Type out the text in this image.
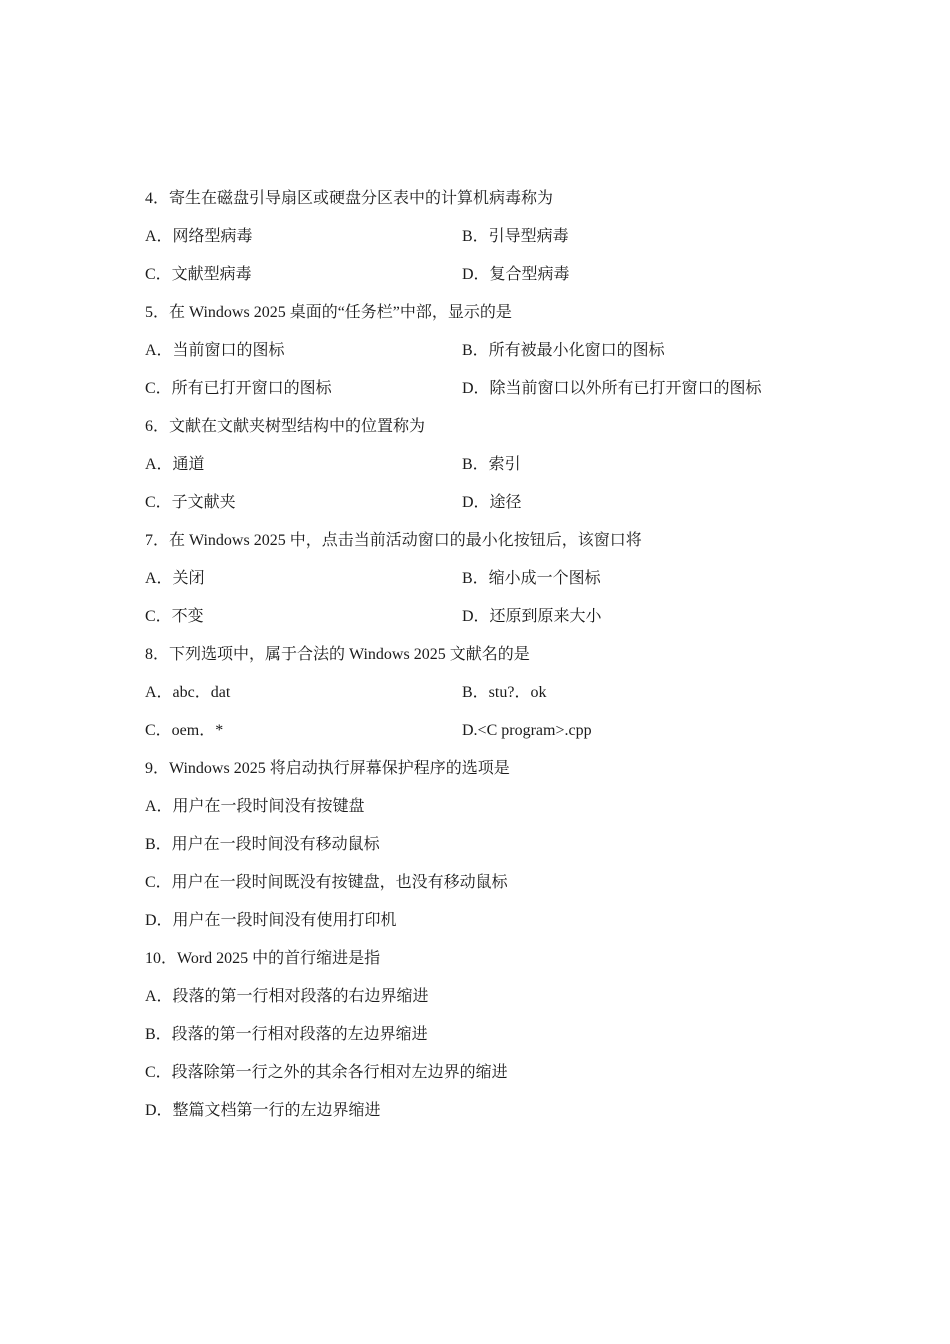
4．寄生在磁盘引导扇区或硬盘分区表中的计算机病毒称为
A．网络型病毒	B．引导型病毒
C．文献型病毒	D．复合型病毒
5．在 Windows 2025 桌面的“任务栏”中部，显示的是
A．当前窗口的图标	B．所有被最小化窗口的图标
C．所有已打开窗口的图标	D．除当前窗口以外所有已打开窗口的图标
6．文献在文献夹树型结构中的位置称为
A．通道	B．索引
C．子文献夹	D．途径
7．在 Windows 2025 中，点击当前活动窗口的最小化按钮后，该窗口将
A．关闭	B．缩小成一个图标
C．不变	D．还原到原来大小
8．下列选项中，属于合法的 Windows 2025 文献名的是
A．abc．dat	B．stu?．ok
C．oem．*	D.<C program>.cpp
9．Windows 2025 将启动执行屏幕保护程序的选项是
A．用户在一段时间没有按键盘
B．用户在一段时间没有移动鼠标
C．用户在一段时间既没有按键盘，也没有移动鼠标
D．用户在一段时间没有使用打印机
10．Word 2025 中的首行缩进是指
A．段落的第一行相对段落的右边界缩进
B．段落的第一行相对段落的左边界缩进
C．段落除第一行之外的其余各行相对左边界的缩进
D．整篇文档第一行的左边界缩进
